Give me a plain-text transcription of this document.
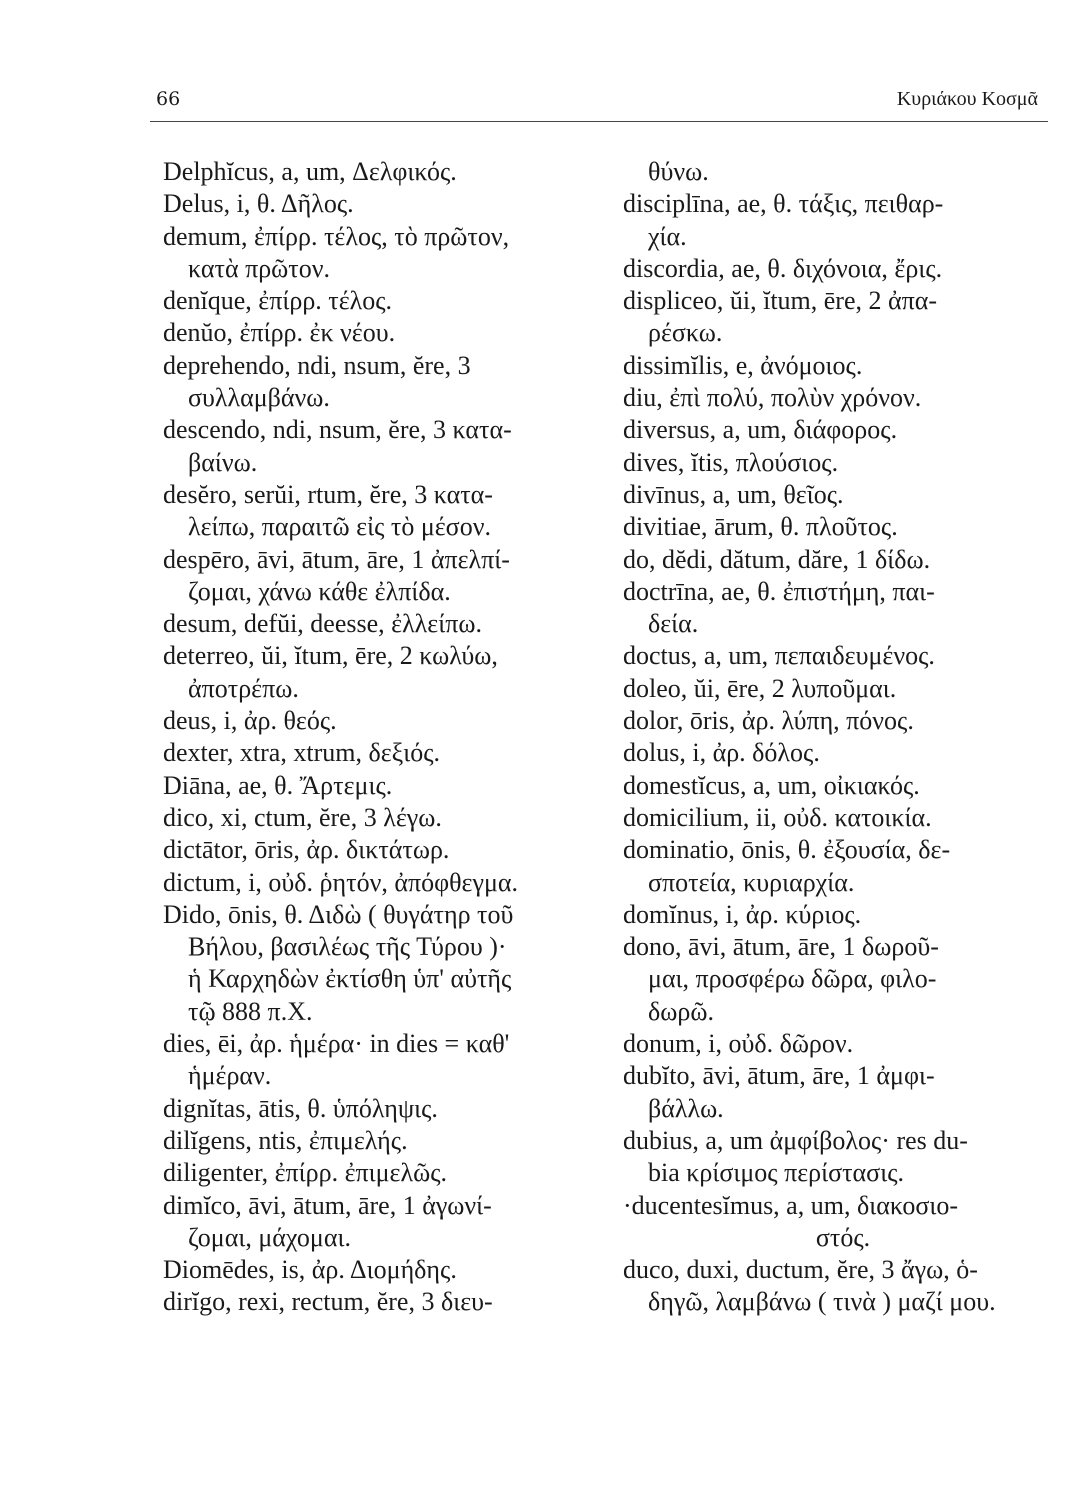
66	Κυριάκου Κοσμᾶ
Delphĭcus, a, um, Δελφικός.
Delus, i, θ. Δῆλος.
demum, ἐπίρρ. τέλος, τὸ πρῶτον,
κατὰ πρῶτον.
denĭque, ἐπίρρ. τέλος.
denŭo, ἐπίρρ. ἐκ νέου.
deprehendo, ndi, nsum, ĕre, 3
συλλαμβάνω.
descendo, ndi, nsum, ĕre, 3 κατα-
βαίνω.
desĕro, serŭi, rtum, ĕre, 3 κατα-
λείπω, παραιτῶ εἰς τὸ μέσον.
despēro, āvi, ātum, āre, 1 ἀπελπί-
ζομαι, χάνω κάθε ἐλπίδα.
desum, defŭi, deesse, ἐλλείπω.
deterreo, ŭi, ĭtum, ēre, 2 κωλύω,
ἀποτρέπω.
deus, i, ἀρ. θεός.
dexter, xtra, xtrum, δεξιός.
Diāna, ae, θ. Ἄρτεμις.
dico, xi, ctum, ĕre, 3 λέγω.
dictātor, ōris, ἀρ. δικτάτωρ.
dictum, i, οὐδ. ῥητόν, ἀπόφθεγμα.
Dido, ōnis, θ. Διδὼ ( θυγάτηρ τοῦ
Βήλου, βασιλέως τῆς Τύρου )·
ἡ Καρχηδὼν ἐκτίσθη ὑπ' αὐτῆς
τῷ 888 π.Χ.
dies, ēi, ἀρ. ἡμέρα· in dies = καθ'
ἡμέραν.
dignĭtas, ātis, θ. ὑπόληψις.
dilĭgens, ntis, ἐπιμελής.
diligenter, ἐπίρρ. ἐπιμελῶς.
dimĭco, āvi, ātum, āre, 1 ἀγωνί-
ζομαι, μάχομαι.
Diomēdes, is, ἀρ. Διομήδης.
dirĭgo, rexi, rectum, ĕre, 3 διευ-
θύνω.
disciplīna, ae, θ. τάξις, πειθαρ-
χία.
discordia, ae, θ. διχόνοια, ἔρις.
displiceo, ŭi, ĭtum, ēre, 2 ἀπα-
ρέσκω.
dissimĭlis, e, ἀνόμοιος.
diu, ἐπὶ πολύ, πολὺν χρόνον.
diversus, a, um, διάφορος.
dives, ĭtis, πλούσιος.
divīnus, a, um, θεῖος.
divitiae, ārum, θ. πλοῦτος.
do, dĕdi, dătum, dăre, 1 δίδω.
doctrīna, ae, θ. ἐπιστήμη, παι-
δεία.
doctus, a, um, πεπαιδευμένος.
doleo, ŭi, ēre, 2 λυποῦμαι.
dolor, ōris, ἀρ. λύπη, πόνος.
dolus, i, ἀρ. δόλος.
domestĭcus, a, um, οἰκιακός.
domicilium, ii, οὐδ. κατοικία.
dominatio, ōnis, θ. ἐξουσία, δε-
σποτεία, κυριαρχία.
domĭnus, i, ἀρ. κύριος.
dono, āvi, ātum, āre, 1 δωροῦ-
μαι, προσφέρω δῶρα, φιλο-
δωρῶ.
donum, i, οὐδ. δῶρον.
dubĭto, āvi, ātum, āre, 1 ἀμφι-
βάλλω.
dubius, a, um ἀμφίβολος· res du-
bia κρίσιμος περίστασις.
·ducentesĭmus, a, um, διακοσιο-
στός.
duco, duxi, ductum, ĕre, 3 ἄγω, ὁ-
δηγῶ, λαμβάνω ( τινὰ ) μαζί μου.
